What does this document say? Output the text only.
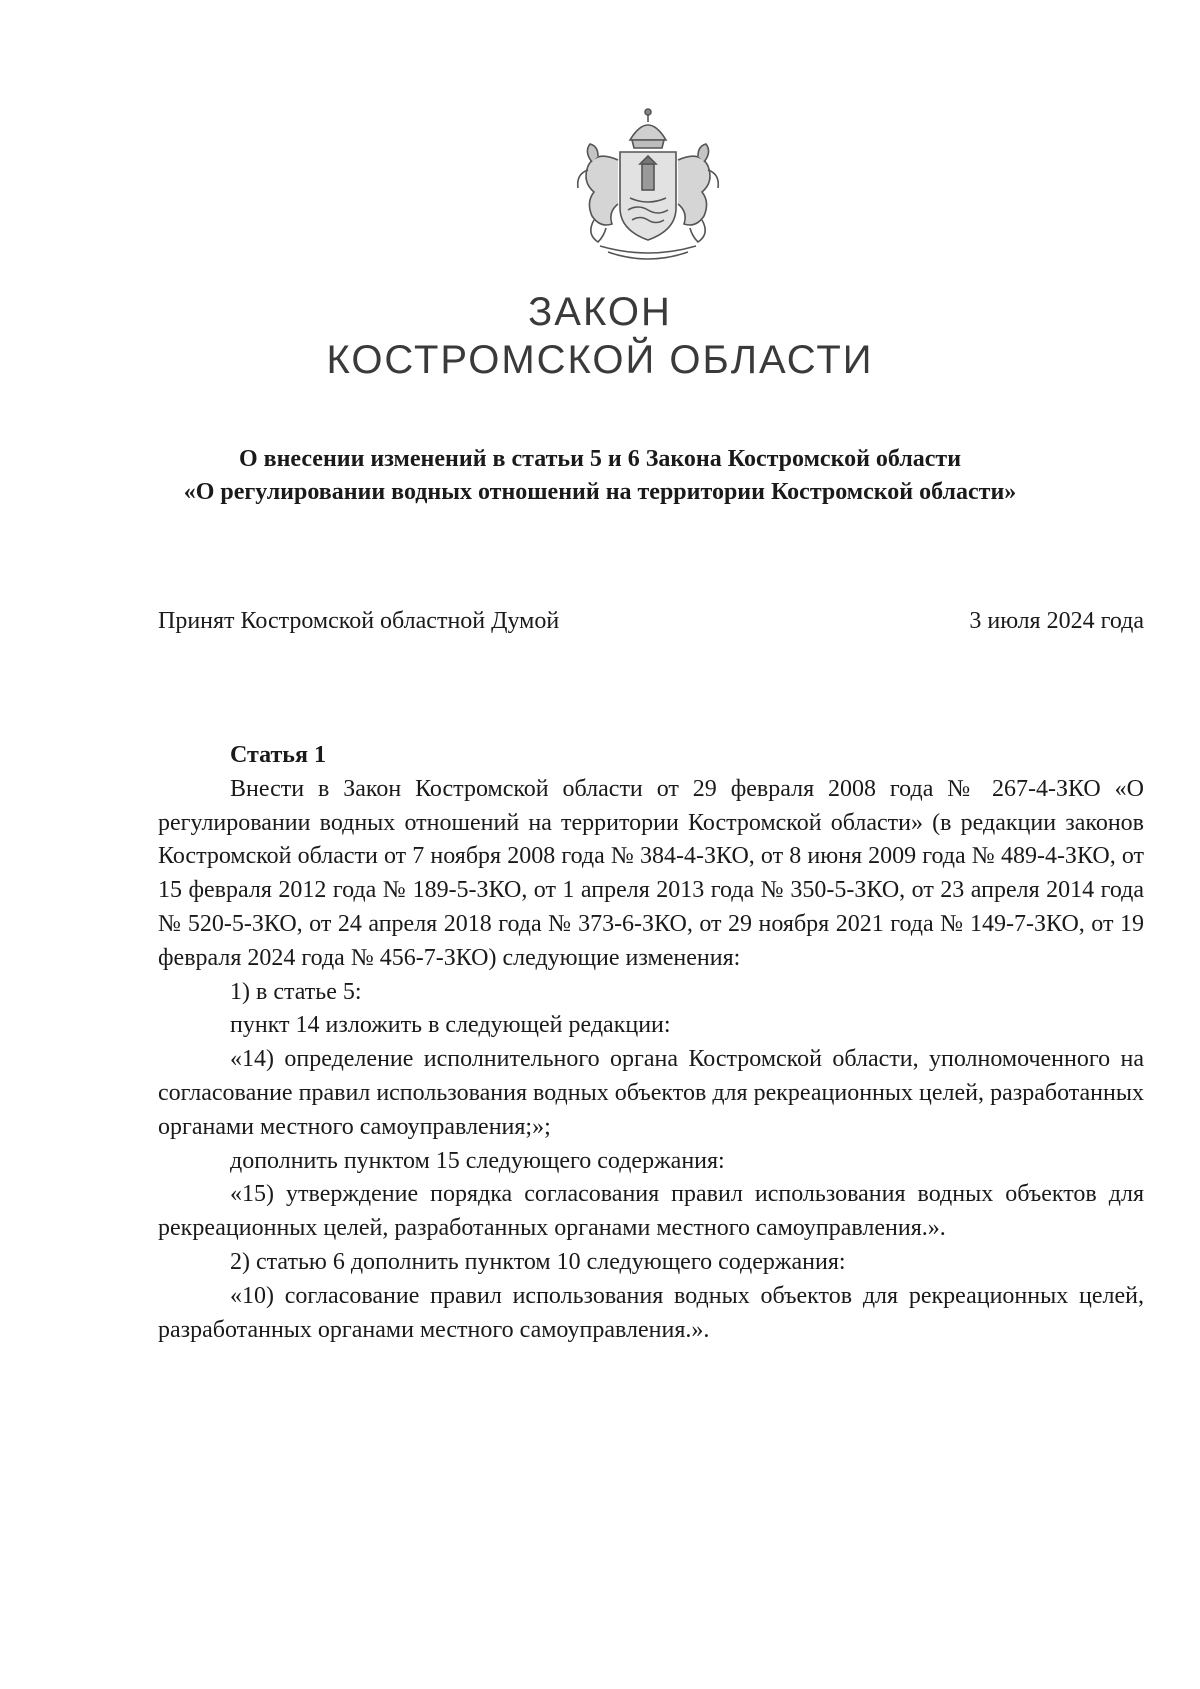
ЗАКОН
КОСТРОМСКОЙ ОБЛАСТИ
О внесении изменений в статьи 5 и 6 Закона Костромской области
«О регулировании водных отношений на территории Костромской области»
Принят Костромской областной Думой	3 июля 2024 года

Статья 1

Внести в Закон Костромской области от 29 февраля 2008 года № 267-4-ЗКО «О регулировании водных отношений на территории Костромской области» (в редакции законов Костромской области от 7 ноября 2008 года № 384-4-ЗКО, от 8 июня 2009 года № 489-4-ЗКО, от 15 февраля 2012 года № 189-5-ЗКО, от 1 апреля 2013 года № 350-5-ЗКО, от 23 апреля 2014 года № 520-5-ЗКО, от 24 апреля 2018 года № 373-6-ЗКО, от 29 ноября 2021 года № 149-7-ЗКО, от 19 февраля 2024 года № 456-7-ЗКО) следующие изменения:

1) в статье 5:

пункт 14 изложить в следующей редакции:

«14) определение исполнительного органа Костромской области, уполномоченного на согласование правил использования водных объектов для рекреационных целей, разработанных органами местного самоуправления;»;

дополнить пунктом 15 следующего содержания:

«15) утверждение порядка согласования правил использования водных объектов для рекреационных целей, разработанных органами местного самоуправления.».

2) статью 6 дополнить пунктом 10 следующего содержания:

«10) согласование правил использования водных объектов для рекреационных целей, разработанных органами местного самоуправления.».
